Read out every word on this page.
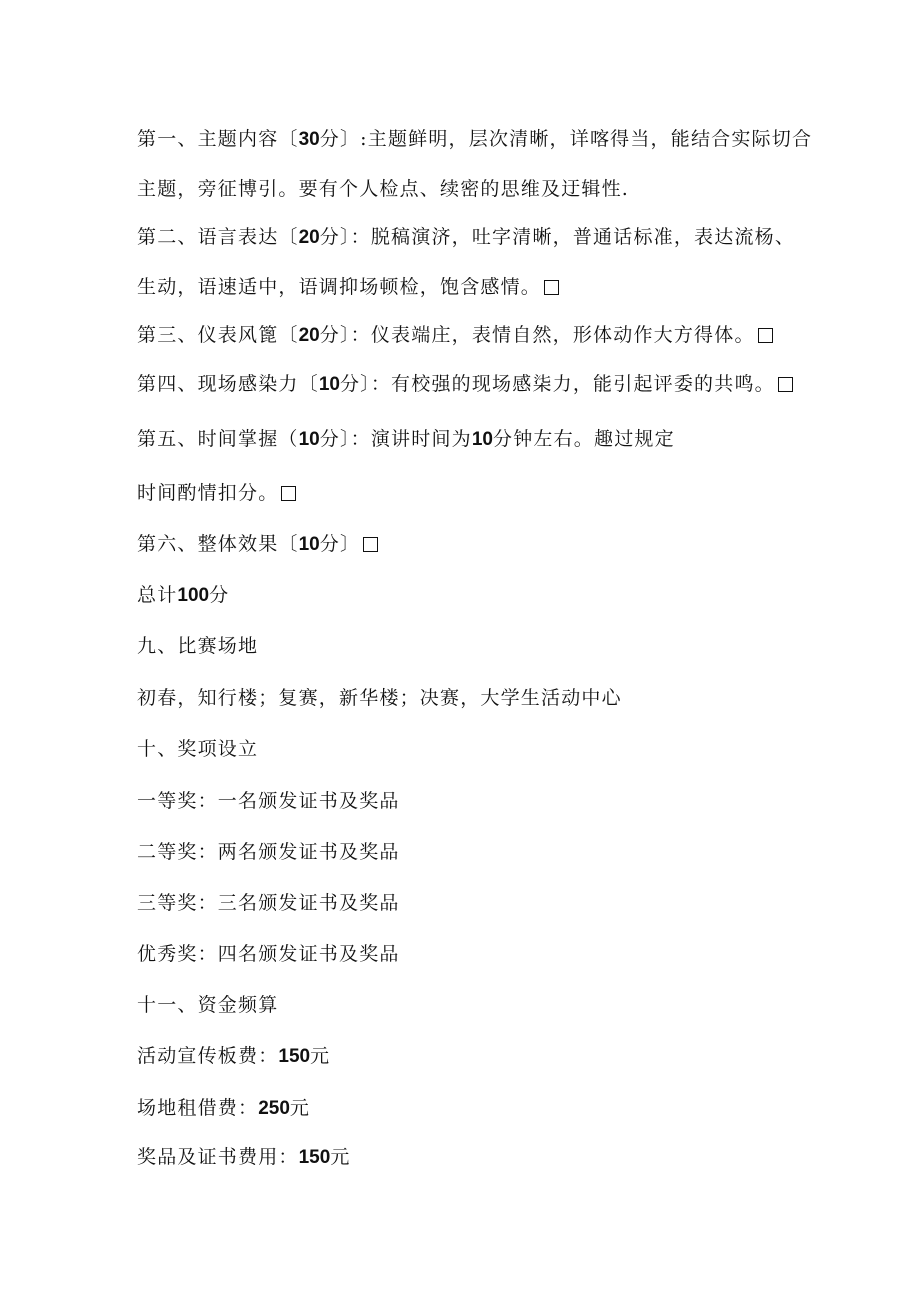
第一、主题内容〔30分〕:主题鲜明，层次清晰，详喀得当，能结合实际切合
主题，旁征博引。要有个人检点、续密的思维及迂辑性.
第二、语言表达〔20分〕：脱稿演济，吐字清晰，普通话标准，表达流杨、
生动，语速适中，语调抑场顿检，饱含感情。
第三、仪表风篦〔20分〕：仪表端庄，表情自然，形体动作大方得体。
第四、现场感染力〔10分〕：有校强的现场感柒力，能引起评委的共鸣。
第五、时间掌握（10分〕：演讲时间为10分钟左右。趣过规定
时间酌情扣分。
第六、整体效果〔10分〕
总计100分
九、比赛场地
初春，知行楼；复赛，新华楼；决赛，大学生活动中心
十、奖项设立
一等奖：一名颁发证书及奖品
二等奖：两名颁发证书及奖品
三等奖：三名颁发证书及奖品
优秀奖：四名颁发证书及奖品
十一、资金频算
活动宣传板费：150元
场地租借费：250元
奖品及证书费用：150元
